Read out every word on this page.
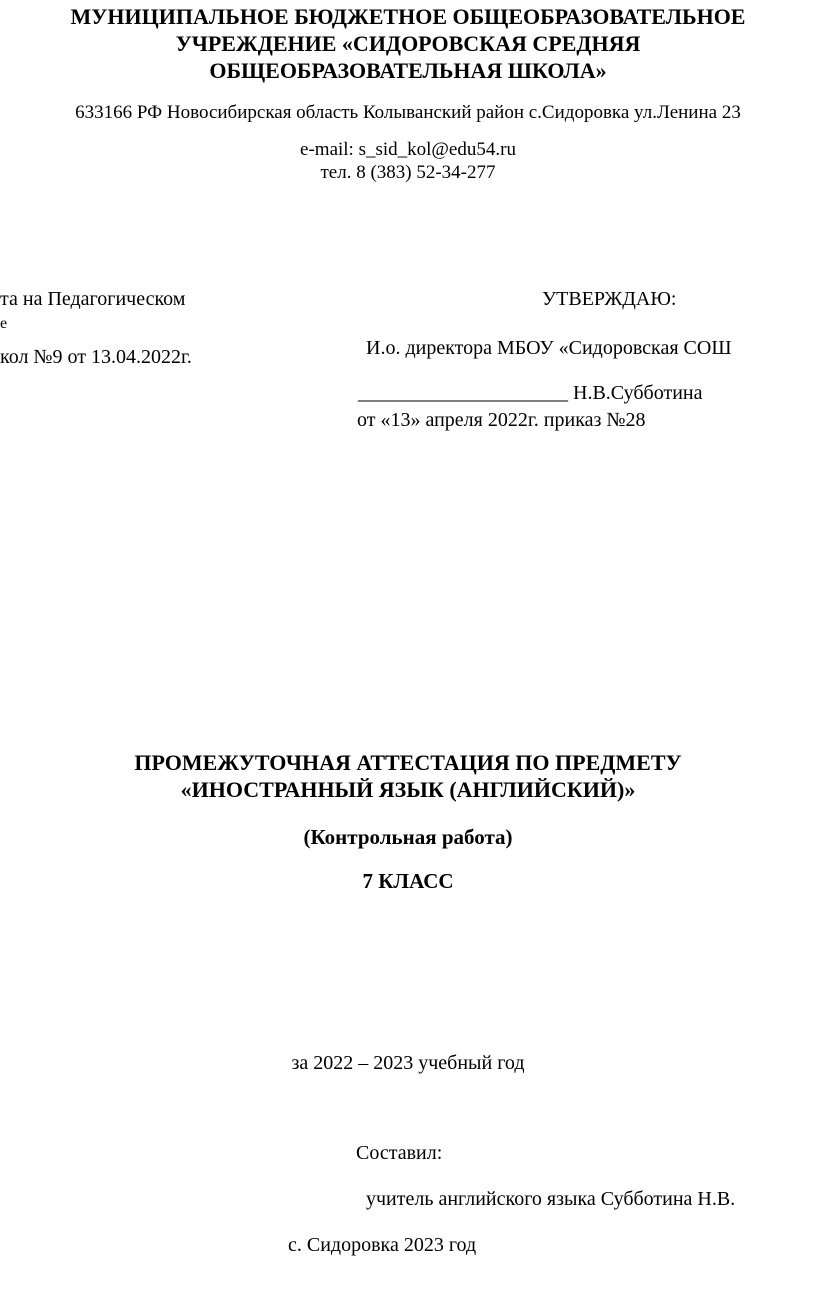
МУНИЦИПАЛЬНОЕ БЮДЖЕТНОЕ ОБЩЕОБРАЗОВАТЕЛЬНОЕ
УЧРЕЖДЕНИЕ «СИДОРОВСКАЯ СРЕДНЯЯ
ОБЩЕОБРАЗОВАТЕЛЬНАЯ ШКОЛА»
633166 РФ Новосибирская область Колыванский район с.Сидоровка ул.Ленина 23
e-mail: s_sid_kol@edu54.ru
тел. 8 (383) 52-34-277
та на Педагогическом
е
кол №9 от 13.04.2022г.
УТВЕРЖДАЮ:
И.о. директора МБОУ «Сидоровская СОШ
_____________________ Н.В.Субботина
от «13» апреля 2022г. приказ №28
ПРОМЕЖУТОЧНАЯ АТТЕСТАЦИЯ ПО ПРЕДМЕТУ
«ИНОСТРАННЫЙ ЯЗЫК (АНГЛИЙСКИЙ)»
(Контрольная работа)
7 КЛАСС
за 2022 – 2023 учебный год
Составил:
учитель английского языка Субботина Н.В.
с. Сидоровка 2023 год
